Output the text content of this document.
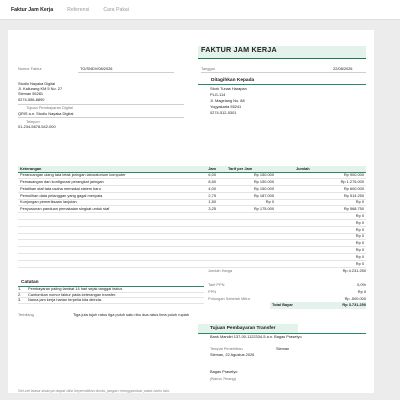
Faktur Jam Kerja	Referensi	Cara Pakai
FAKTUR JAM KERJA
Nomor Faktur	TG/SNDV/08/2026	Tanggal	22/08/2026
Studio Nayaka Digital
Jl. Kaliurang KM 5 No. 27
Sleman 55281
0274-556-8890
Tujuan Pembayaran Digital
QRIS a.n. Studio Nayaka Digital
Telepon
01-234-5678-542-000
Ditagihkan Kepada
Stork Tunas Harapan
PLG-114
Jl. Magelang No. 88
Yogyakarta 55241
0274-512-5301
Keterangan	Jam	Tarif per Jam	Jumlah
Perancangan ulang tata letak jaringan laboratorium komputer	6,00	Rp 150.000	Rp 900.000
Pemasangan dan konfigurasi perangkat jaringan	8,50	Rp 150.000	Rp 1.275.000
Pelatihan staf tata usaha memakai sistem baru	4,00	Rp 150.000	Rp 600.000
Pemulihan data pelanggan yang gagal menyala	2,75	Rp 187.000	Rp 514.250
Kunjungan pemeriksaan lanjutan	1,50	Rp 0	Rp 0
Penyusunan panduan pemakaian singkat untuk staf	3,25	Rp 175.000	Rp 568.750
			Rp 0
			Rp 0
			Rp 0
			Rp 0
			Rp 0
			Rp 0
			Rp 0
			Rp 0
Catatan
1.	Pembayaran paling lambat 14 hari sejak tanggal faktur.
2.	Cantumkan nomor faktur pada keterangan transfer.
3.	Nama jam kerja harian terpelia kita dirinda.
Terbilang	Tiga juta tujuh ratus tiga puluh satu ribu dua ratus lima puluh rupiah
Jumlah Harga	Rp 4.231.250
Tarif PPN	0,0%
PPN	Rp 0
Potongan Sebelah Mitra	Rp -500.000
Total Bayar	Rp 3.731.250
Tujuan Pembayaran Transfer
Bank Mandiri 137-00-1122334-5 a.n. Bagas Prasetyo
Tempat Penerbitan	Sleman
Sleman, 22 Agustus 2026
Bagas Prasetyo
(Nama Terang)
Sel-sel biasa sisanya dapat diisi kepemilikan Anda, jangan menggambar pada baris lain.
